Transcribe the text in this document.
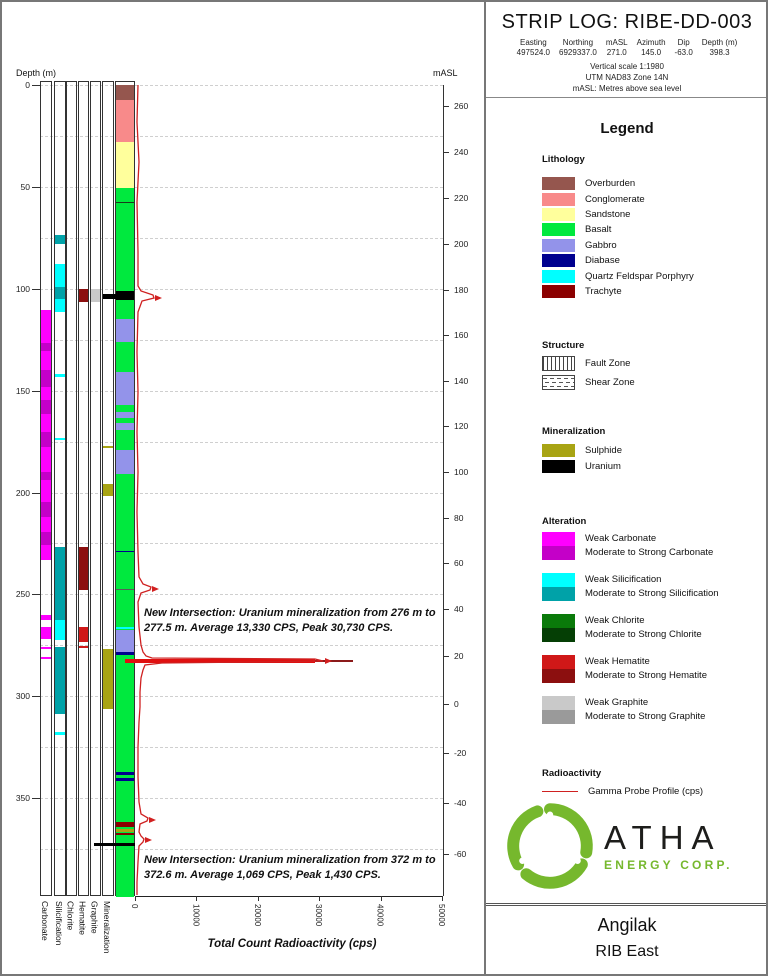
Depth (m)	mASL
Total Count Radioactivity (cps)
0
50
100
150
200
250
300
350
260
240
220
200
180
160
140
120
100
80
60
40
20
0
-20
-40
-60
Carbonate Silicification Chlorite Hematite Graphite Mineralization 0	10000	20000	30000	40000	50000
New Intersection: Uranium mineralization from 276 m to 277.5 m. Average 13,330 CPS, Peak 30,730 CPS.
New Intersection: Uranium mineralization from 372 m to 372.6 m. Average 1,069 CPS, Peak 1,430 CPS.
STRIP LOG: RIBE-DD-003
Easting
497524.0
Northing
6929337.0
mASL
271.0
Azimuth
145.0
Dip
-63.0
Depth (m)
398.3
Vertical scale 1:1980
UTM NAD83 Zone 14N
mASL: Metres above sea level
Legend
Lithology
Overburden
Conglomerate
Sandstone
Basalt
Gabbro
Diabase
Quartz Feldspar Porphyry
Trachyte
Structure
Fault Zone
Shear Zone
Mineralization
Sulphide
Uranium
Alteration
Weak Carbonate
Moderate to Strong Carbonate
Weak Silicification
Moderate to Strong Silicification
Weak Chlorite
Moderate to Strong Chlorite
Weak Hematite
Moderate to Strong Hematite
Weak Graphite
Moderate to Strong Graphite
Radioactivity
Gamma Probe Profile (cps)
ATHA
ENERGY CORP.
Angilak
RIB East
